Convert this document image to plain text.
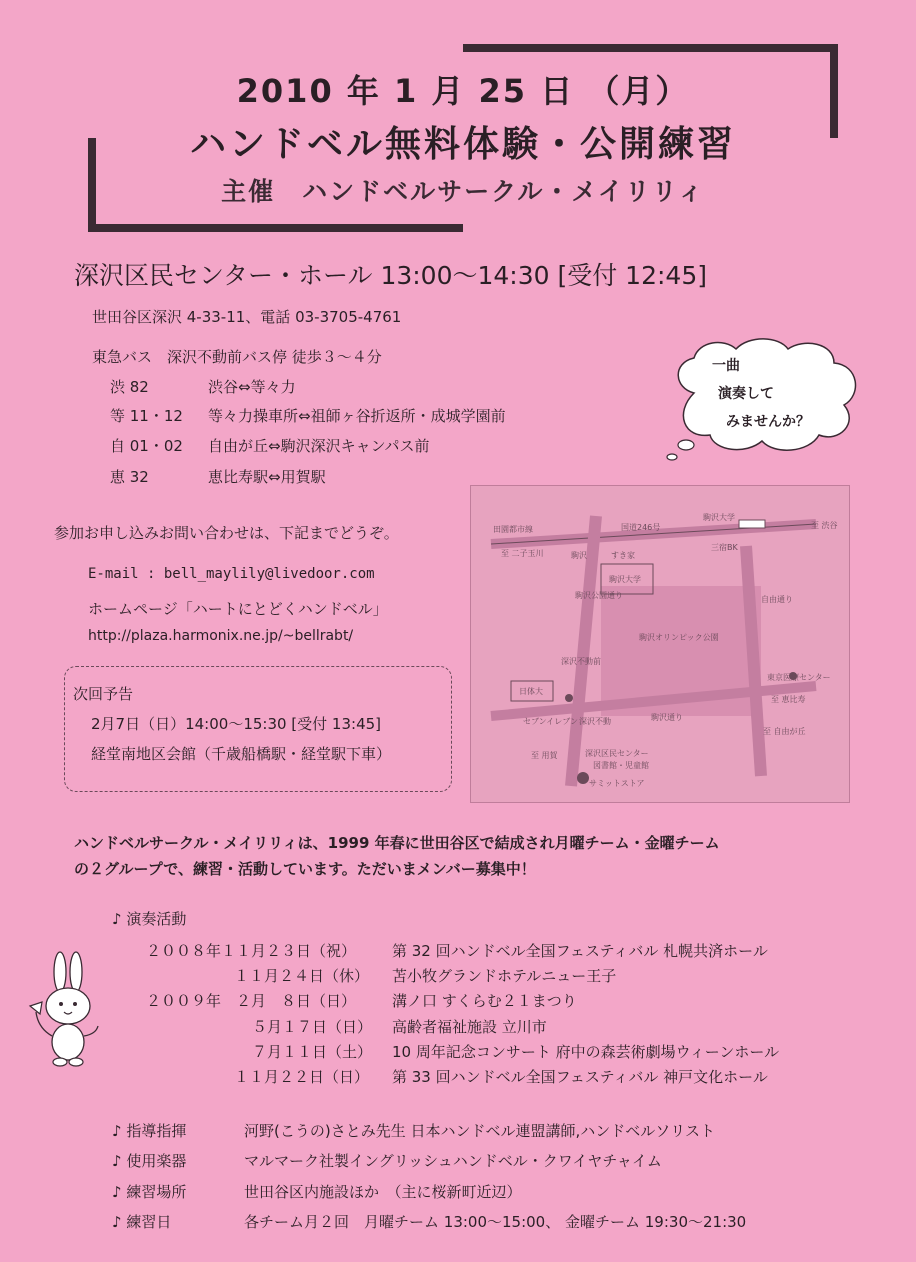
2010 年 1 月 25 日 （月）
ハンドベル無料体験・公開練習
主催　ハンドベルサークル・メイリリィ
深沢区民センター・ホール 13:00～14:30 [受付 12:45]
世田谷区深沢 4-33-11、電話 03-3705-4761
東急バス　深沢不動前バス停 徒歩３～４分
渋 82	渋谷⇔等々力
等 11・12 等々力操車所⇔祖師ヶ谷折返所・成城学園前
自 01・02 自由が丘⇔駒沢深沢キャンパス前
恵 32	恵比寿駅⇔用賀駅
一曲
演奏して
みませんか？
参加お申し込みお問い合わせは、下記までどうぞ。
E-mail : bell_maylily@livedoor.com
ホームページ「ハートにとどくハンドベル」
http://plaza.harmonix.ne.jp/~bellrabt/
次回予告
2月7日（日）14:00～15:30 [受付 13:45]
経堂南地区会館（千歳船橋駅・経堂駅下車）
田園都市線	国道246号
駒沢大学
至 渋谷
至 二子玉川	駒沢	すき家
三宿BK
駒沢大学
駒沢公園通り	自由通り
駒沢オリンピック公園
日体大
深沢不動前
セブンイレブン 深沢不動	駒沢通り
東京医療センター
至 恵比寿
深沢区民センター
図書館・児童館
サミットストア
至 用賀
至 自由が丘
ハンドベルサークル・メイリリィは、1999 年春に世田谷区で結成され月曜チーム・金曜チーム
の２グループで、練習・活動しています。ただいまメンバー募集中！
♪ 演奏活動
２００８年１１月２３日（祝） 第 32 回ハンドベル全国フェスティバル 札幌共済ホール
１１月２４日（休） 苫小牧グランドホテルニュー王子
２００９年　２月　８日（日） 溝ノ口 すくらむ２１まつり
５月１７日（日） 高齢者福祉施設 立川市
７月１１日（土） 10 周年記念コンサート 府中の森芸術劇場ウィーンホール
１１月２２日（日） 第 33 回ハンドベル全国フェスティバル 神戸文化ホール
♪ 指導指揮	河野(こうの)さとみ先生 日本ハンドベル連盟講師,ハンドベルソリスト
♪ 使用楽器	マルマーク社製イングリッシュハンドベル・クワイヤチャイム
♪ 練習場所	世田谷区内施設ほか　（主に桜新町近辺）
♪ 練習日	各チーム月２回　月曜チーム 13:00～15:00、 金曜チーム 19:30～21:30
